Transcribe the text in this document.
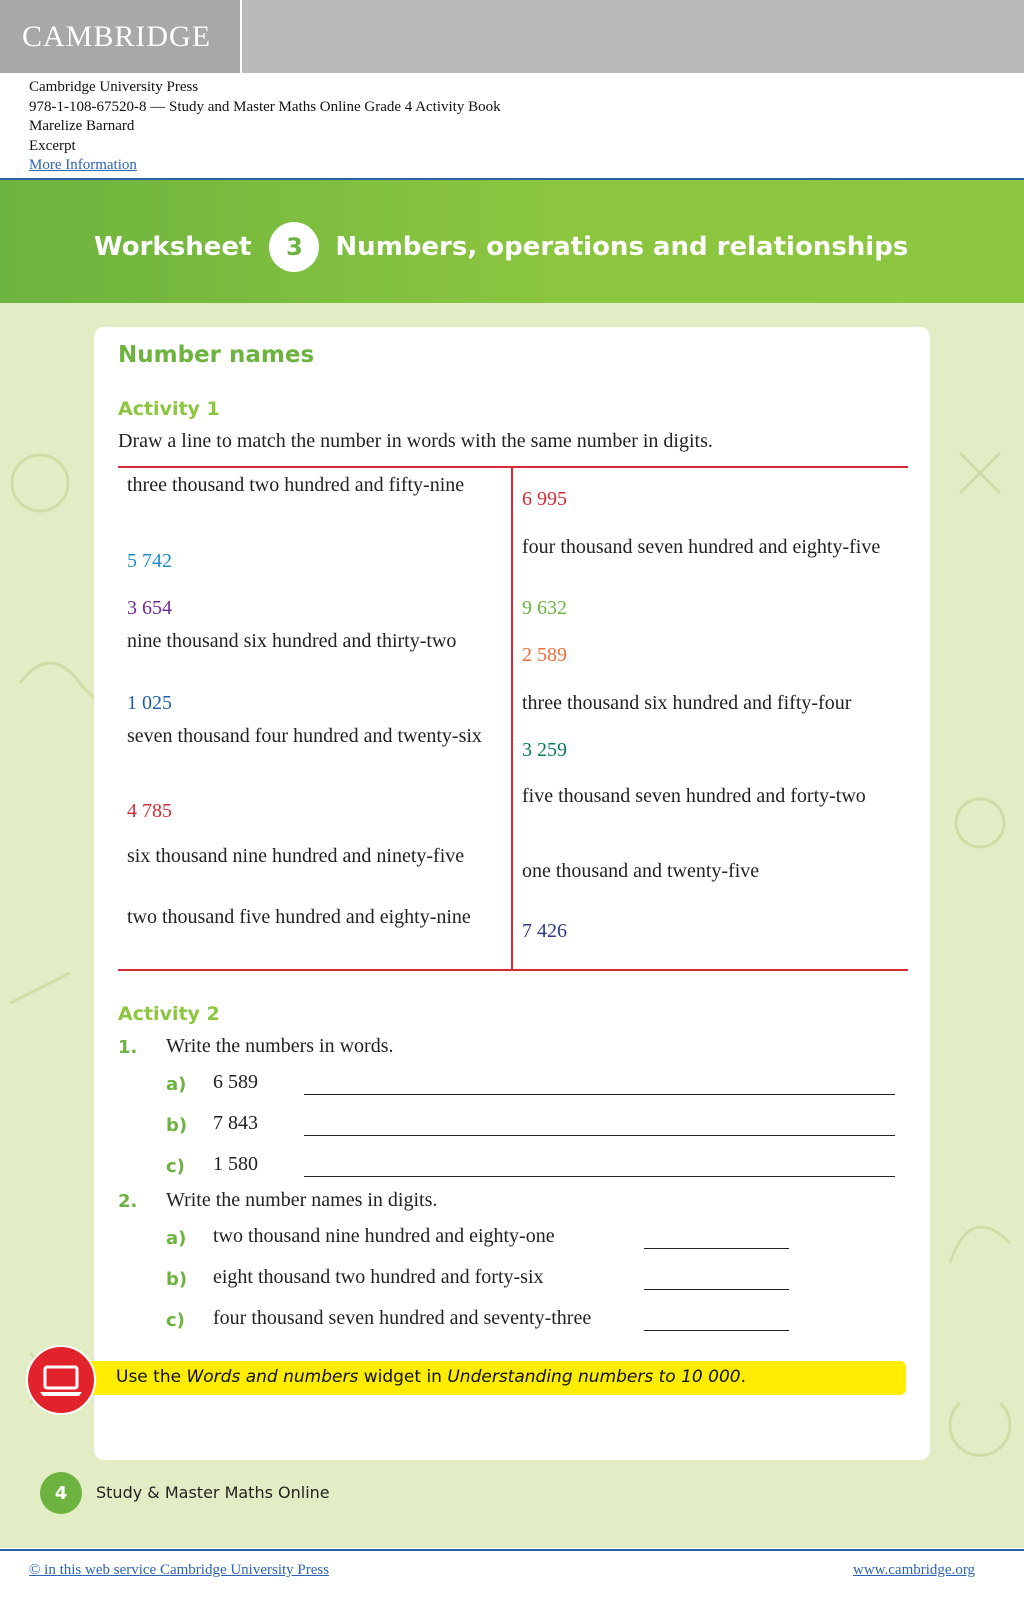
CAMBRIDGE
Cambridge University Press
978-1-108-67520-8 — Study and Master Maths Online Grade 4 Activity Book
Marelize Barnard
Excerpt
More Information
Worksheet	3	Numbers, operations and relationships
Number names
Activity 1
Draw a line to match the number in words with the same number in digits.
three thousand two hundred and fifty-nine
5 742
3 654
nine thousand six hundred and thirty-two
1 025
seven thousand four hundred and twenty-six
4 785
six thousand nine hundred and ninety-five
two thousand five hundred and eighty-nine
6 995
four thousand seven hundred and eighty-five
9 632
2 589
three thousand six hundred and fifty-four
3 259
five thousand seven hundred and forty-two
one thousand and twenty-five
7 426
Activity 2
1. Write the numbers in words.
a) 6 589
b) 7 843
c) 1 580
2. Write the number names in digits.
a) two thousand nine hundred and eighty-one
b) eight thousand two hundred and forty-six
c) four thousand seven hundred and seventy-three
Use the Words and numbers widget in Understanding numbers to 10 000.
4	Study & Master Maths Online
© in this web service Cambridge University Press	www.cambridge.org
